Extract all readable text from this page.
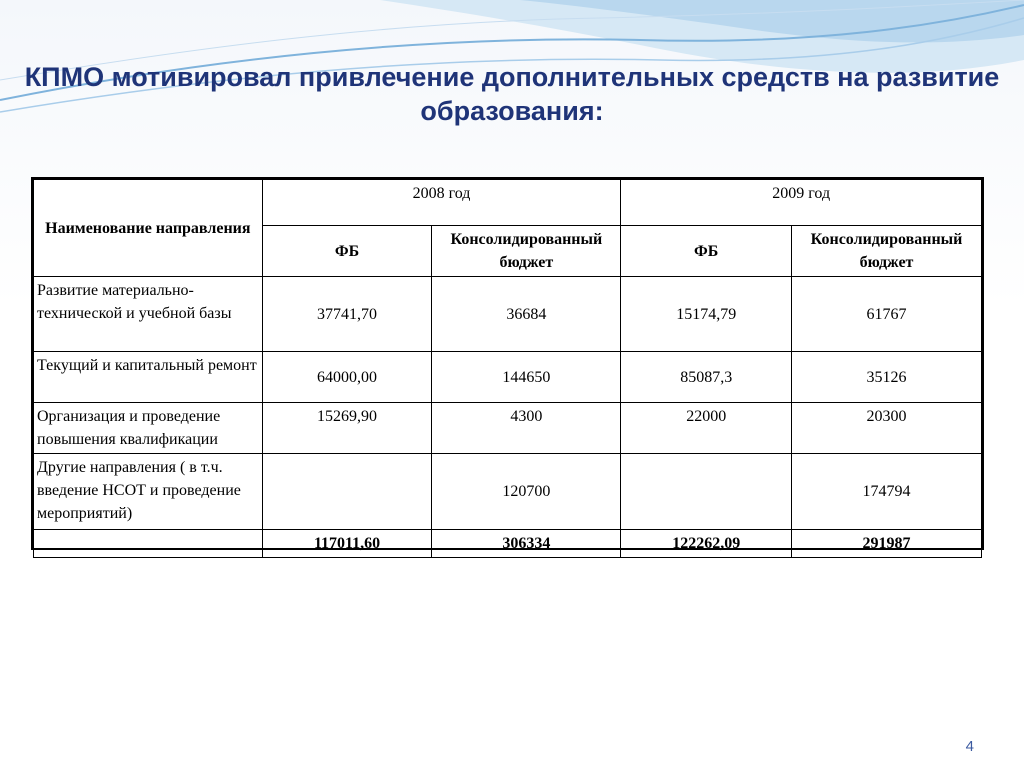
КПМО мотивировал привлечение дополнительных средств на развитие образования:
Наименование направления	2008 год		2009 год	
	ФБ	Консолидированный бюджет	ФБ	Консолидированный бюджет
Развитие материально-технической и учебной базы	37741,70	36684	15174,79	61767
Текущий и капитальный ремонт	64000,00	144650	85087,3	35126
Организация и проведение повышения квалификации	15269,90	4300	22000	20300
Другие направления ( в т.ч. введение НСОТ и проведение мероприятий)		120700		174794
	117011,60	306334	122262,09	291987
4
